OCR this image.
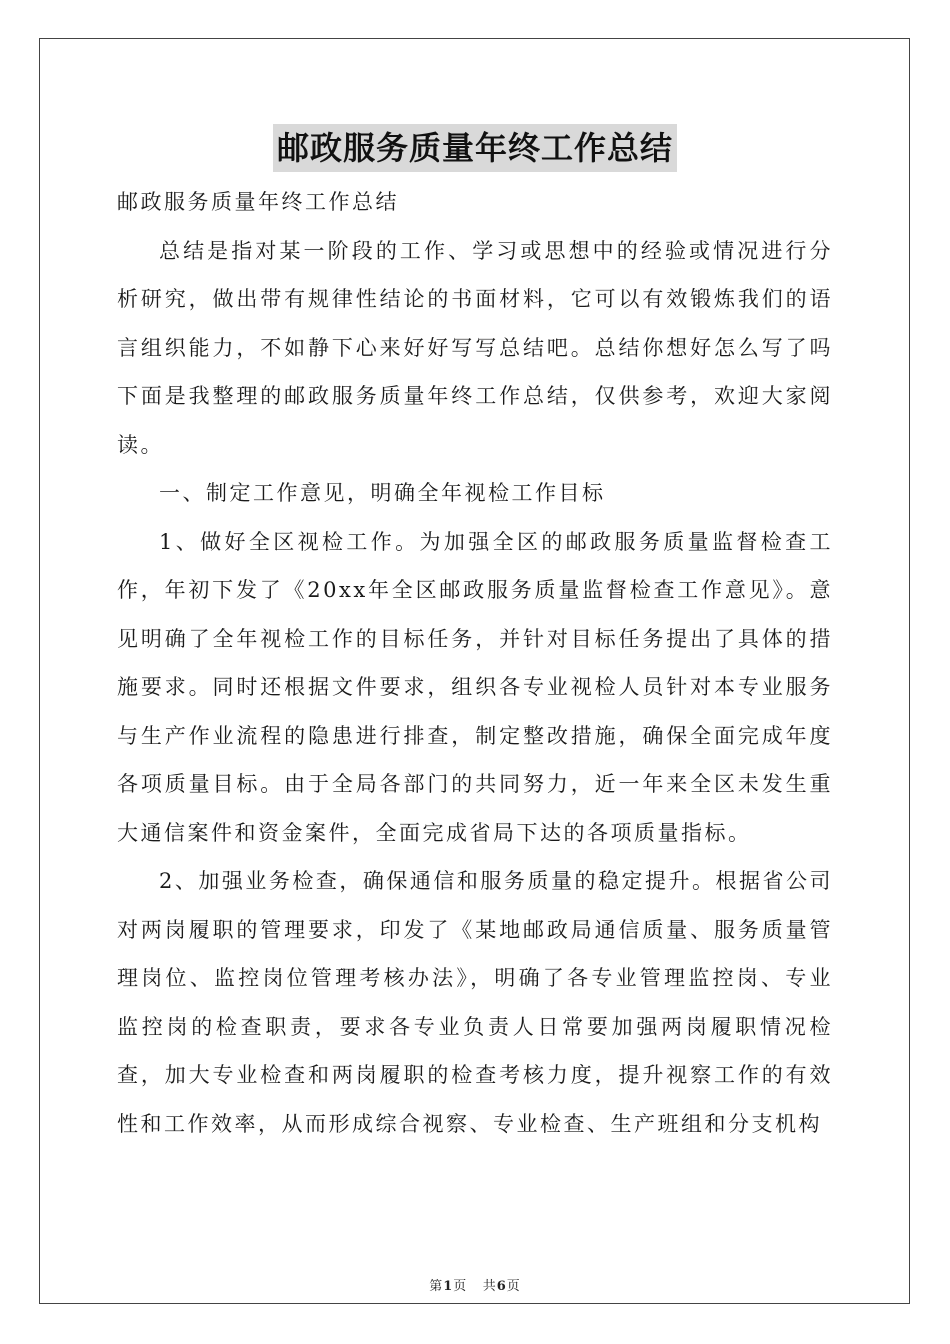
邮政服务质量年终工作总结

邮政服务质量年终工作总结

总结是指对某一阶段的工作、学习或思想中的经验或情况进行分析研究，做出带有规律性结论的书面材料，它可以有效锻炼我们的语言组织能力，不如静下心来好好写写总结吧。总结你想好怎么写了吗下面是我整理的邮政服务质量年终工作总结，仅供参考，欢迎大家阅读。

一、制定工作意见，明确全年视检工作目标

1、做好全区视检工作。为加强全区的邮政服务质量监督检查工作，年初下发了《20xx年全区邮政服务质量监督检查工作意见》。意见明确了全年视检工作的目标任务，并针对目标任务提出了具体的措施要求。同时还根据文件要求，组织各专业视检人员针对本专业服务与生产作业流程的隐患进行排查，制定整改措施，确保全面完成年度各项质量目标。由于全局各部门的共同努力，近一年来全区未发生重大通信案件和资金案件，全面完成省局下达的各项质量指标。

2、加强业务检查，确保通信和服务质量的稳定提升。根据省公司对两岗履职的管理要求，印发了《某地邮政局通信质量、服务质量管理岗位、监控岗位管理考核办法》，明确了各专业管理监控岗、专业监控岗的检查职责，要求各专业负责人日常要加强两岗履职情况检查，加大专业检查和两岗履职的检查考核力度，提升视察工作的有效性和工作效率，从而形成综合视察、专业检查、生产班组和分支机构

第1页 共6页
